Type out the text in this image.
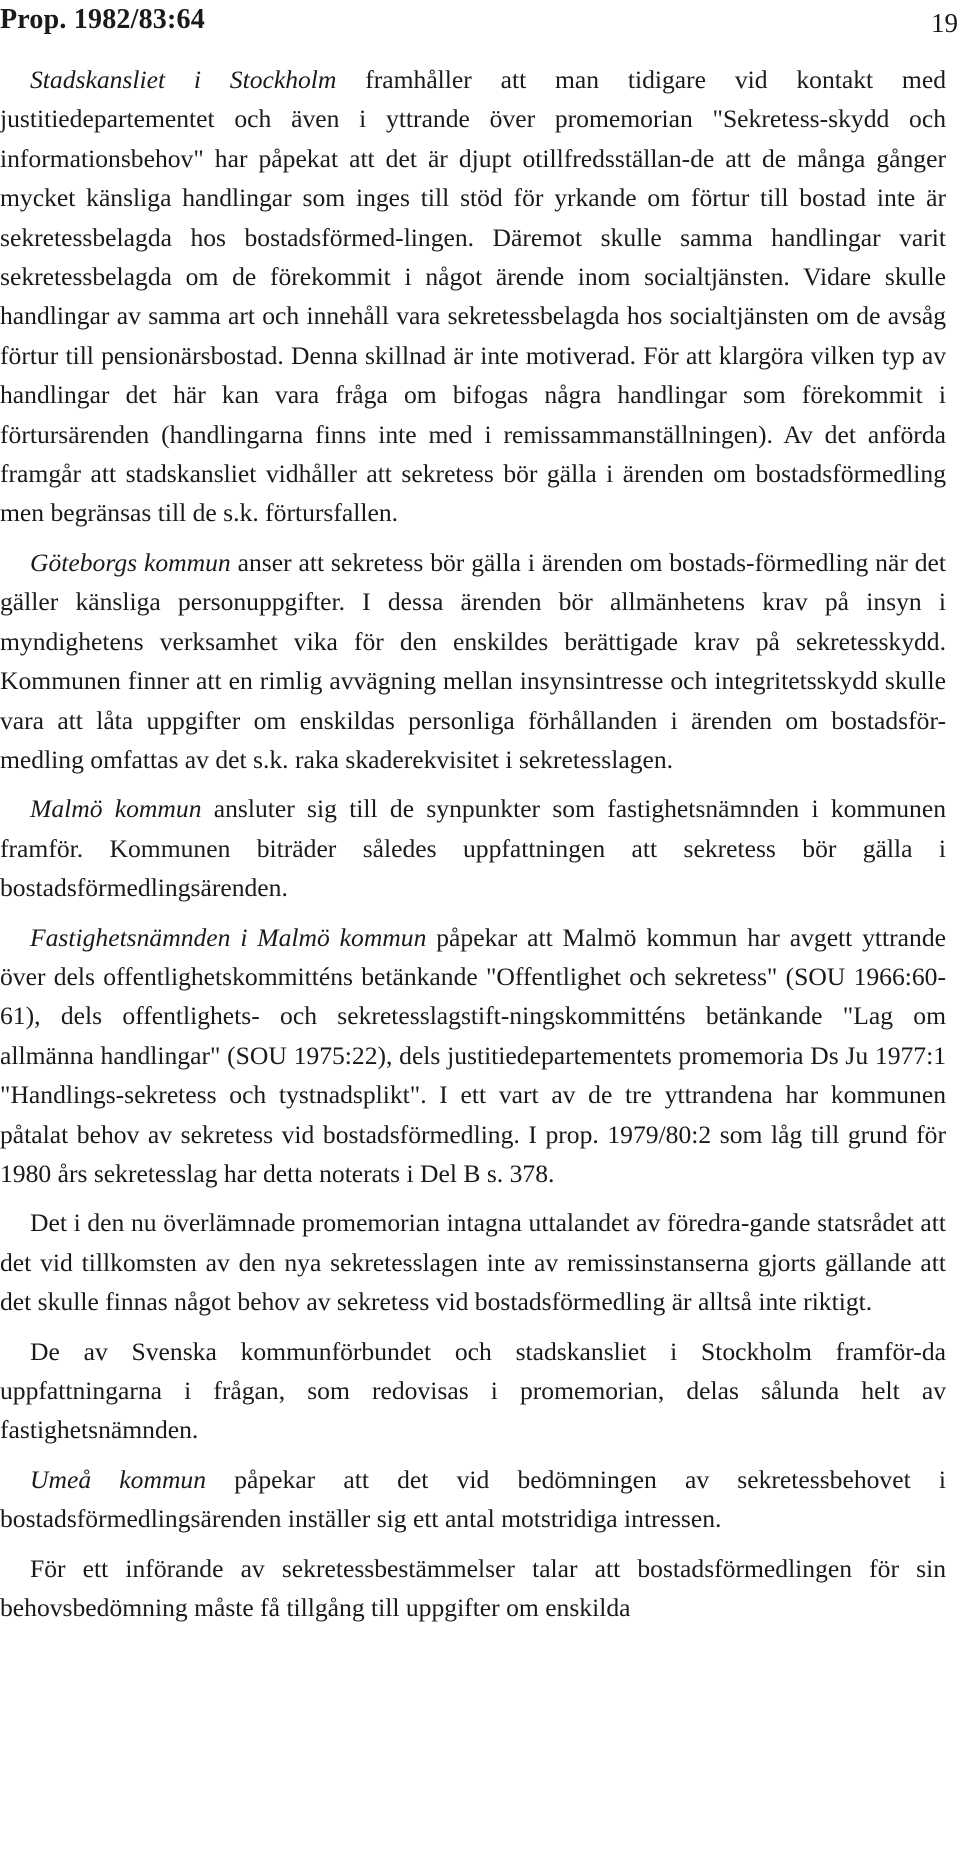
Prop. 1982/83:64	19

Stadskansliet i Stockholm framhåller att man tidigare vid kontakt med justitiedepartementet och även i yttrande över promemorian "Sekretess-skydd och informationsbehov" har påpekat att det är djupt otillfredsställan-de att de många gånger mycket känsliga handlingar som inges till stöd för yrkande om förtur till bostad inte är sekretessbelagda hos bostadsförmed-lingen. Däremot skulle samma handlingar varit sekretessbelagda om de förekommit i något ärende inom socialtjänsten. Vidare skulle handlingar av samma art och innehåll vara sekretessbelagda hos socialtjänsten om de avsåg förtur till pensionärsbostad. Denna skillnad är inte motiverad. För att klargöra vilken typ av handlingar det här kan vara fråga om bifogas några handlingar som förekommit i förtursärenden (handlingarna finns inte med i remissammanställningen). Av det anförda framgår att stadskansliet vidhåller att sekretess bör gälla i ärenden om bostadsförmedling men begränsas till de s.k. förtursfallen.

Göteborgs kommun anser att sekretess bör gälla i ärenden om bostads-förmedling när det gäller känsliga personuppgifter. I dessa ärenden bör allmänhetens krav på insyn i myndighetens verksamhet vika för den enskildes berättigade krav på sekretesskydd. Kommunen finner att en rimlig avvägning mellan insynsintresse och integritetsskydd skulle vara att låta uppgifter om enskildas personliga förhållanden i ärenden om bostadsför-medling omfattas av det s.k. raka skaderekvisitet i sekretesslagen.

Malmö kommun ansluter sig till de synpunkter som fastighetsnämnden i kommunen framför. Kommunen biträder således uppfattningen att sekretess bör gälla i bostadsförmedlingsärenden.

Fastighetsnämnden i Malmö kommun påpekar att Malmö kommun har avgett yttrande över dels offentlighetskommitténs betänkande "Offentlighet och sekretess" (SOU 1966:60-61), dels offentlighets- och sekretesslagstift-ningskommitténs betänkande "Lag om allmänna handlingar" (SOU 1975:22), dels justitiedepartementets promemoria Ds Ju 1977:1 "Handlings-sekretess och tystnadsplikt". I ett vart av de tre yttrandena har kommunen påtalat behov av sekretess vid bostadsförmedling. I prop. 1979/80:2 som låg till grund för 1980 års sekretesslag har detta noterats i Del B s. 378.

Det i den nu överlämnade promemorian intagna uttalandet av föredra-gande statsrådet att det vid tillkomsten av den nya sekretesslagen inte av remissinstanserna gjorts gällande att det skulle finnas något behov av sekretess vid bostadsförmedling är alltså inte riktigt.

De av Svenska kommunförbundet och stadskansliet i Stockholm framför-da uppfattningarna i frågan, som redovisas i promemorian, delas sålunda helt av fastighetsnämnden.

Umeå kommun påpekar att det vid bedömningen av sekretessbehovet i bostadsförmedlingsärenden inställer sig ett antal motstridiga intressen.

För ett införande av sekretessbestämmelser talar att bostadsförmedlingen för sin behovsbedömning måste få tillgång till uppgifter om enskilda
